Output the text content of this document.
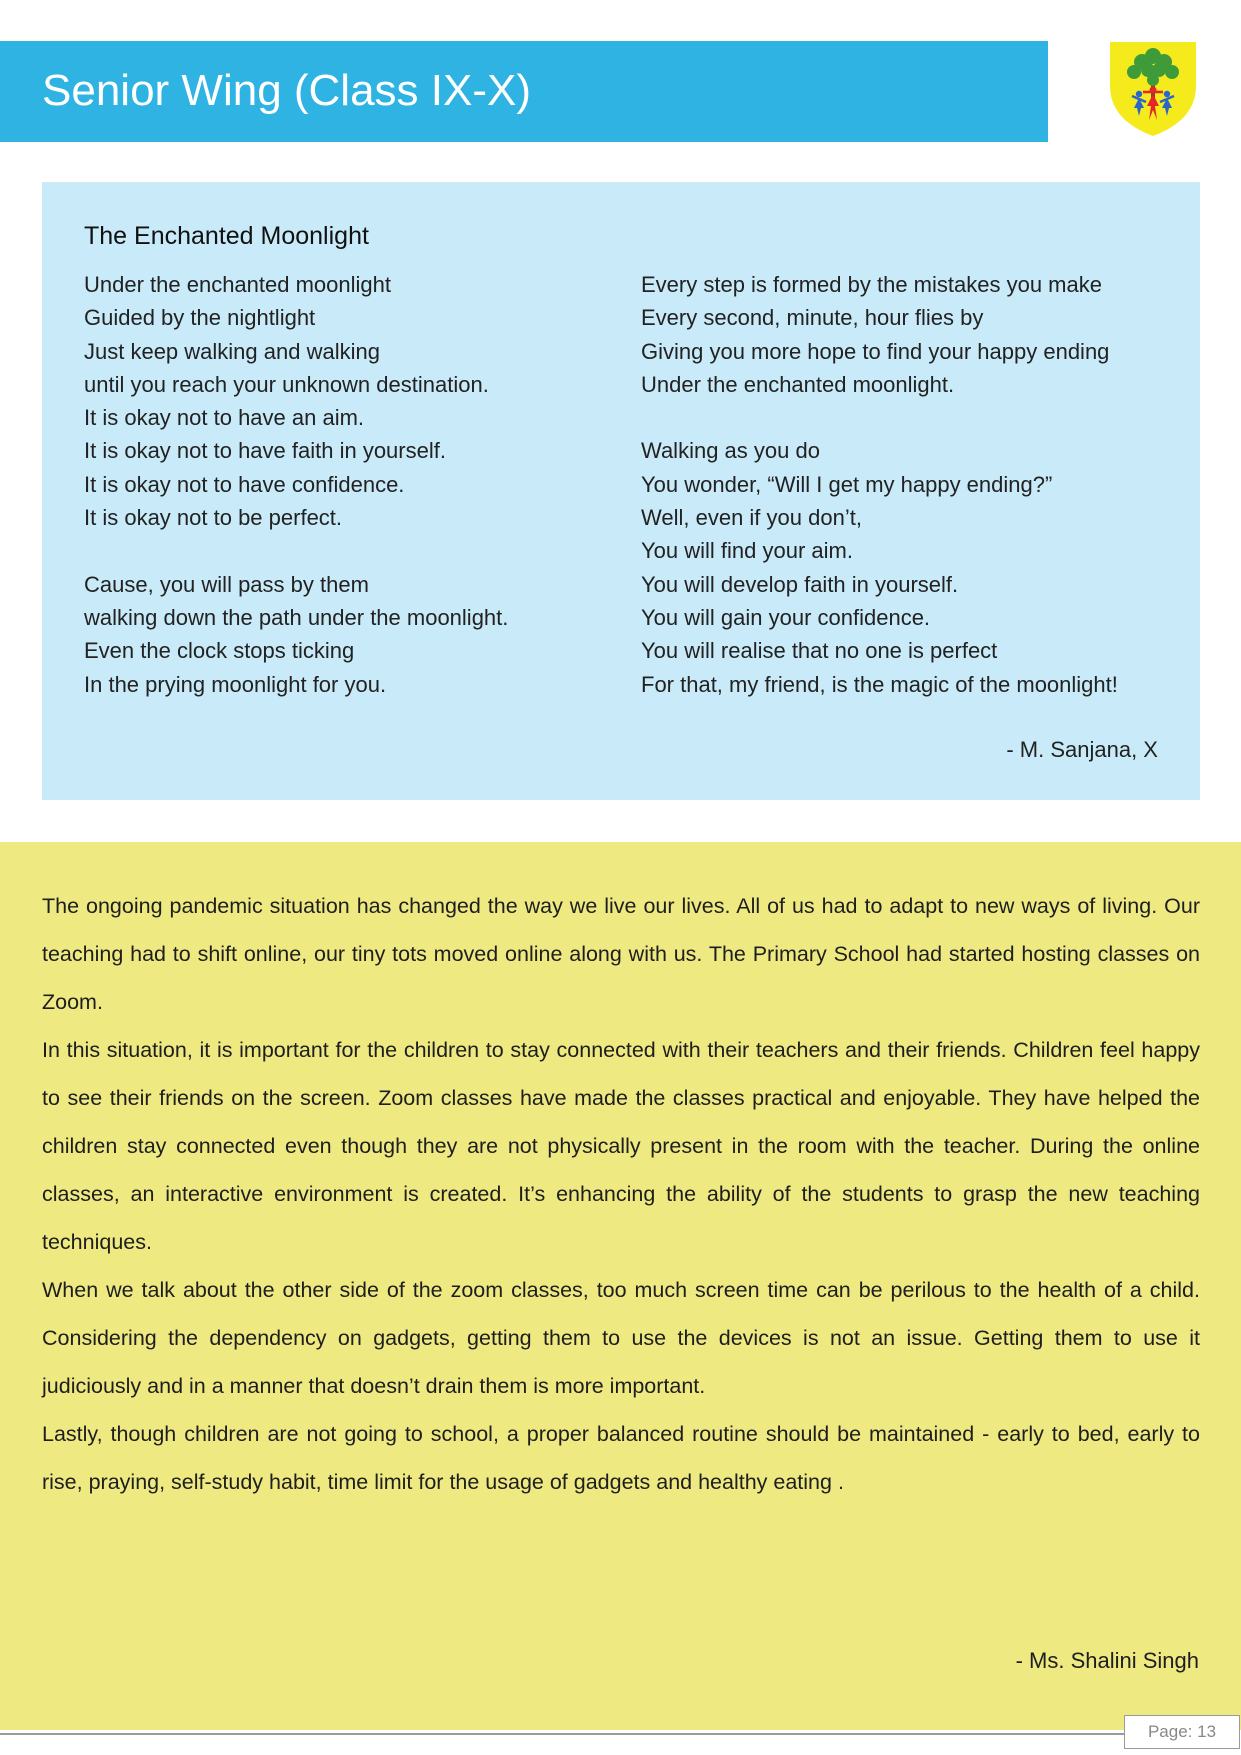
Senior Wing (Class IX-X)
The Enchanted Moonlight
Under the enchanted moonlight
Guided by the nightlight
Just keep walking and walking
until you reach your unknown destination.
It is okay not to have an aim.
It is okay not to have faith in yourself.
It is okay not to have confidence.
It is okay not to be perfect.
Cause, you will pass by them
walking down the path under the moonlight.
Even the clock stops ticking
In the prying moonlight for you.
Every step is formed by the mistakes you make
Every second, minute, hour flies by
Giving you more hope to find your happy ending
Under the enchanted moonlight.
Walking as you do
You wonder, “Will I get my happy ending?”
Well, even if you don’t,
You will find your aim.
You will develop faith in yourself.
You will gain your confidence.
You will realise that no one is perfect
For that, my friend, is the magic of the moonlight!
- M. Sanjana, X

The ongoing pandemic situation has changed the way we live our lives. All of us had to adapt to new ways of living. Our teaching had to shift online, our tiny tots moved online along with us. The Primary School had started hosting classes on Zoom.

In this situation, it is important for the children to stay connected with their teachers and their friends. Children feel happy to see their friends on the screen. Zoom classes have made the classes practical and enjoyable. They have helped the children stay connected even though they are not physically present in the room with the teacher. During the online classes, an interactive environment is created. It’s enhancing the ability of the students to grasp the new teaching techniques.

When we talk about the other side of the zoom classes, too much screen time can be perilous to the health of a child. Considering the dependency on gadgets, getting them to use the devices is not an issue. Getting them to use it judiciously and in a manner that doesn’t drain them is more important.

Lastly, though children are not going to school, a proper balanced routine should be maintained - early to bed, early to rise, praying, self-study habit, time limit for the usage of gadgets and healthy eating .

- Ms. Shalini Singh
Page: 13
